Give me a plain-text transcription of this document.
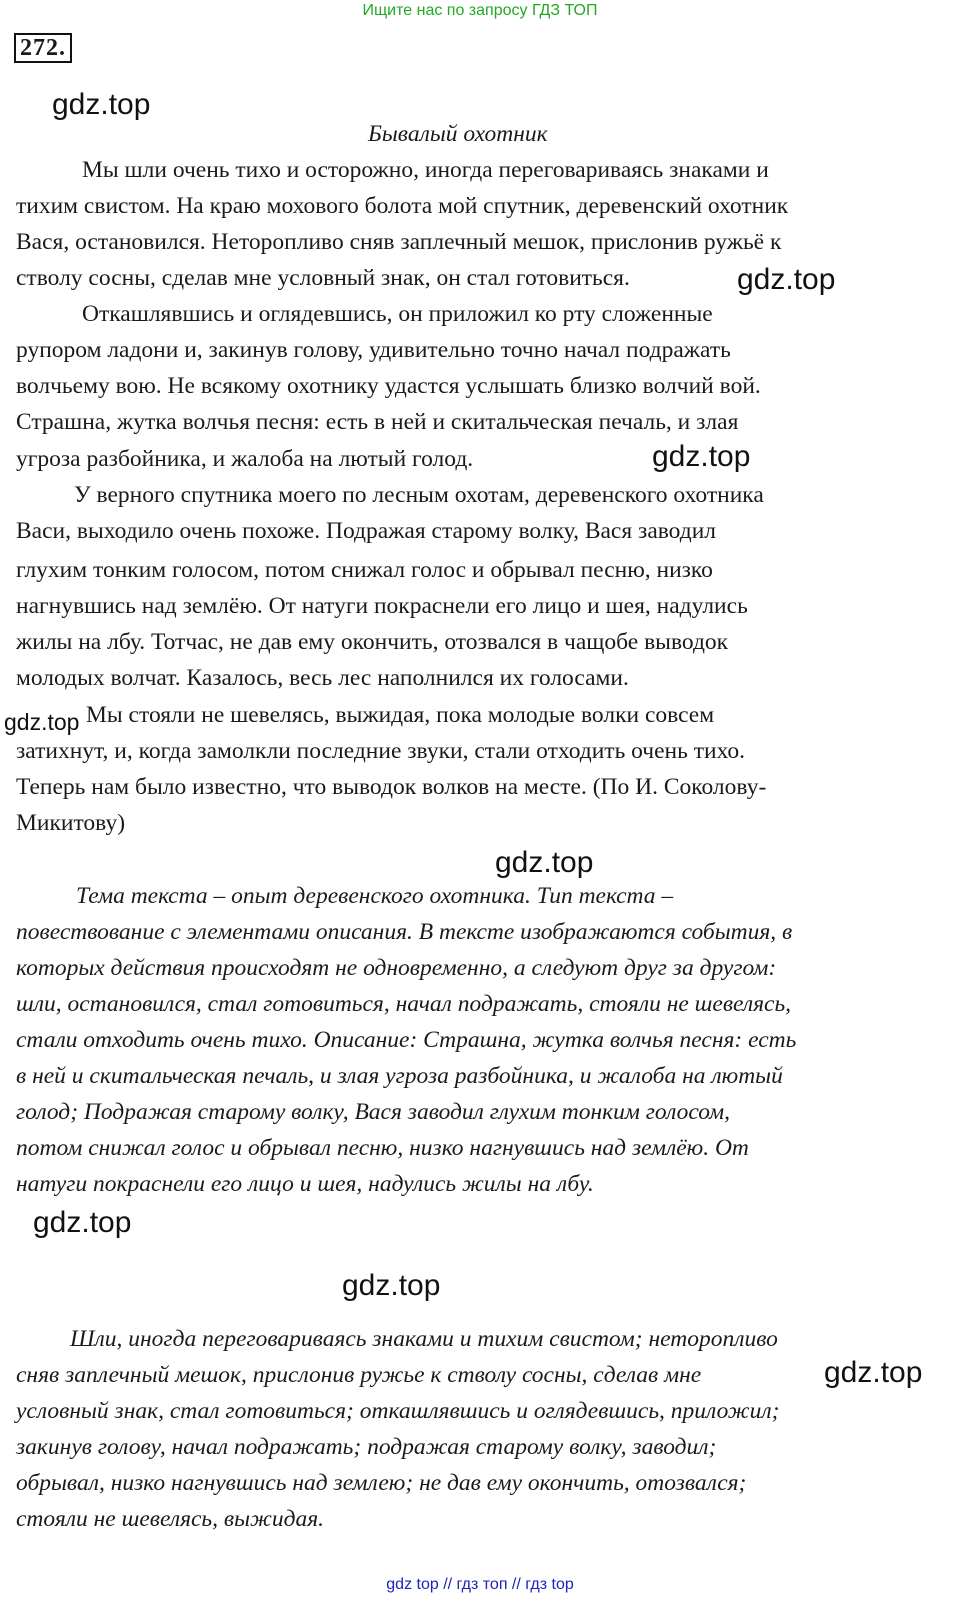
Ищите нас по запросу ГДЗ ТОП
272.
gdz.top
gdz.top
gdz.top
gdz.top
gdz.top
gdz.top
gdz.top
gdz.top
Бывалый охотник
Мы шли очень тихо и осторожно, иногда переговариваясь знаками и
тихим свистом. На краю мохового болота мой спутник, деревенский охотник
Вася, остановился. Неторопливо сняв заплечный мешок, прислонив ружьё к
стволу сосны, сделав мне условный знак, он стал готовиться.
Откашлявшись и оглядевшись, он приложил ко рту сложенные
рупором ладони и, закинув голову, удивительно точно начал подражать
волчьему вою. Не всякому охотнику удастся услышать близко волчий вой.
Страшна, жутка волчья песня: есть в ней и скитальческая печаль, и злая
угроза разбойника, и жалоба на лютый голод.
У верного спутника моего по лесным охотам, деревенского охотника
Васи, выходило очень похоже. Подражая старому волку, Вася заводил
глухим тонким голосом, потом снижал голос и обрывал песню, низко
нагнувшись над землёю. От натуги покраснели его лицо и шея, надулись
жилы на лбу. Тотчас, не дав ему окончить, отозвался в чащобе выводок
молодых волчат. Казалось, весь лес наполнился их голосами.
Мы стояли не шевелясь, выжидая, пока молодые волки совсем
затихнут, и, когда замолкли последние звуки, стали отходить очень тихо.
Теперь нам было известно, что выводок волков на месте. (По И. Соколову-
Микитову)
Тема текста – опыт деревенского охотника. Тип текста –
повествование с элементами описания. В тексте изображаются события, в
которых действия происходят не одновременно, а следуют друг за другом:
шли, остановился, стал готовиться, начал подражать, стояли не шевелясь,
стали отходить очень тихо. Описание: Страшна, жутка волчья песня: есть
в ней и скитальческая печаль, и злая угроза разбойника, и жалоба на лютый
голод; Подражая старому волку, Вася заводил глухим тонким голосом,
потом снижал голос и обрывал песню, низко нагнувшись над землёю. От
натуги покраснели его лицо и шея, надулись жилы на лбу.
Шли, иногда переговариваясь знаками и тихим свистом; неторопливо
сняв заплечный мешок, прислонив ружье к стволу сосны, сделав мне
условный знак, стал готовиться; откашлявшись и оглядевшись, приложил;
закинув голову, начал подражать; подражая старому волку, заводил;
обрывал, низко нагнувшись над землею; не дав ему окончить, отозвался;
стояли не шевелясь, выжидая.
gdz top // гдз топ // гдз top
